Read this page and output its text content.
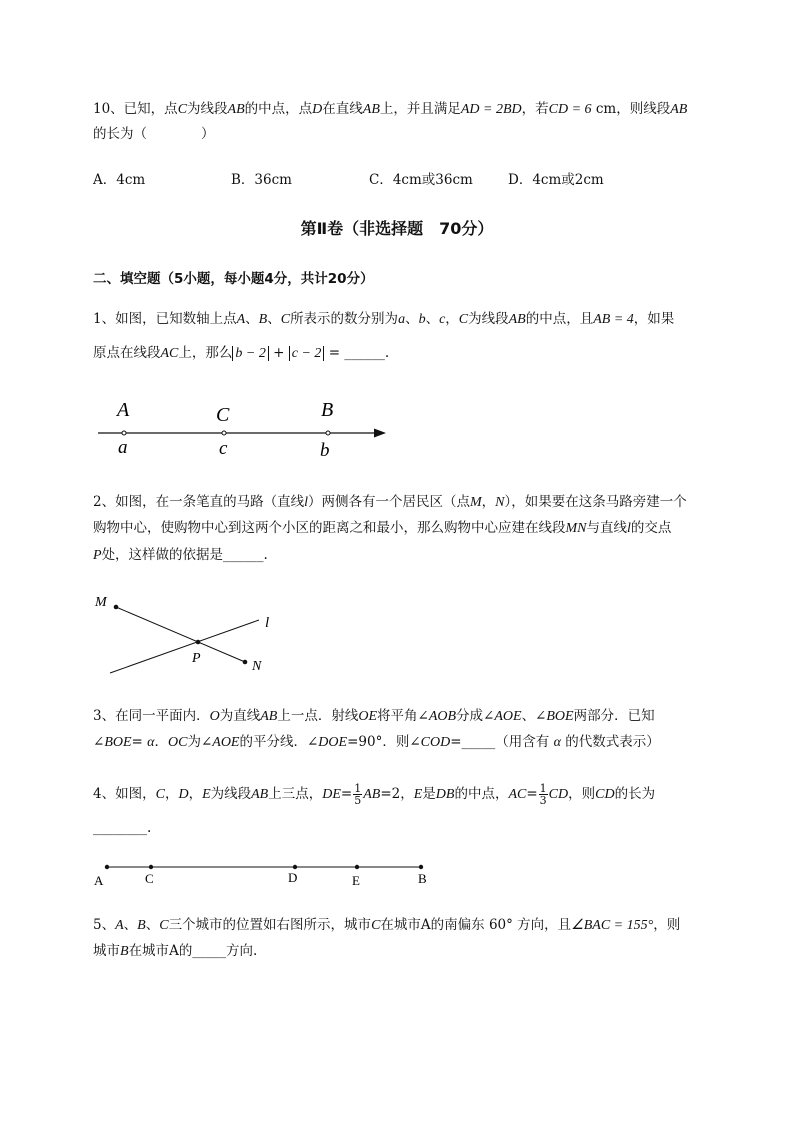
10、已知，点C为线段AB的中点，点D在直线AB上，并且满足AD = 2BD，若CD = 6 cm，则线段AB
的长为（　　　　）
A．4cm	B．36cm	C．4cm或36cm	D．4cm或2cm
第Ⅱ卷（非选择题　70分）
二、填空题（5小题，每小题4分，共计20分）
1、如图，已知数轴上点A、B、C所表示的数分别为a、b、c，C为线段AB的中点，且AB = 4，如果
原点在线段AC上，那么 b − 2 + c − 2 = ______.
A	C	B
a	c	b
M
N
P
l
A	C	D	E	B
2、如图，在一条笔直的马路（直线l）两侧各有一个居民区（点M，N），如果要在这条马路旁建一个
购物中心，使购物中心到这两个小区的距离之和最小，那么购物中心应建在线段MN与直线l的交点
P处，这样做的依据是______.
3、在同一平面内．O为直线AB上一点．射线OE将平角∠AOB分成∠AOE、∠BOE两部分．已知
∠BOE= α．OC为∠AOE的平分线．∠DOE=90°．则∠COD=_____（用含有 α 的代数式表示）
4、如图，C，D，E为线段AB上三点，$DE= \frac{1}{5} AB=2$，E是DB的中点，$AC= \frac{1}{3}$ CD，则CD的长为
________.
5、A、B、C三个城市的位置如右图所示，城市C在城市A的南偏东 60° 方向，且∠BAC = 155°，则
城市B在城市A的_____方向.
